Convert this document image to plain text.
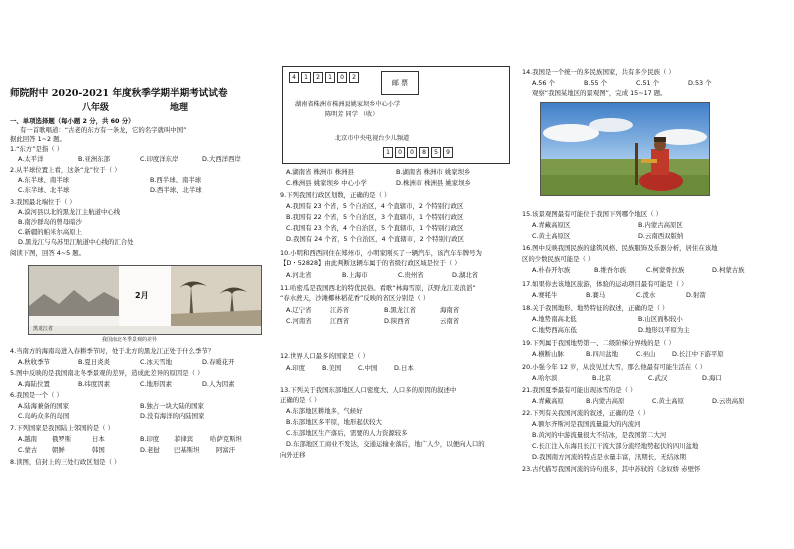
师院附中 2020-2021 年度秋季学期半期考试试卷
八年级	地理
一、单项选择题（每小题 2 分，共 60 分）
有一首歌唱道：“古老的东方有一条龙，它的名字就叫中国”
据此回答 1~2 题。
1.“东方”是指（ ）
A.太平洋	B.亚洲东部	C.印度洋东岸	D.大西洋西岸
2.从半球位置上看，这条“龙”位于（ ）
A.东半球、南半球	B.西半球、南半球
C.东半球、北半球	D.西半球、北半球
3.我国最北端位于（ ）
A.漠河县以北的黑龙江主航道中心线
B.南沙群岛的曾母暗沙
C.新疆的帕米尔高原上
D.黑龙江与乌苏里江航道中心线的汇合处
阅读下图，回答 4~5 题。
黑龙江省
2月
我国南北冬季景观的差异
4.当南方的海南岛进入春耕季节时，处于北方的黑龙江正处于什么季节？
A.秋收季节	B.夏日炎炎	C.冰天雪地	D.春暖花开
5.图中反映的是我国南北冬季景观的差异，造成此差异的原因是（ ）
A.海陆位置	B.纬度因素	C.地形因素	D.人为因素
6.我国是一个（ ）
A.陆海兼备的国家	B.独占一块大陆的国家
C.岛屿众多的岛国	D.没有海洋的内陆国家
7.下列国家是我国陆上邻国的是（ ）
A.越南 俄罗斯	日本	B.印度 菲律宾	哈萨克斯坦
C.蒙古 朝鲜	韩国	D.老挝 巴基斯坦	阿富汗
8.读图，信封上的三处行政区划是（ ）
4	1	2	1	0	2
邮 票
湖南省株洲市株洲县姚家坝乡中心小学
陈明芳 同学 （收）
北京市中央电视台少儿频道
1	0	0	8	5	9
A.湖南省 株洲市 株洲县	B.湖南省 株洲市 姚家坝乡
C.株洲县 姚家坝乡 中心小学	D.株洲市 株洲县 姚家坝乡
9.下列我国行政区划数，正确的是（ ）
A.我国有 23 个省，5 个自治区，4 个直辖市，2 个特别行政区
B.我国有 22 个省，5 个自治区，3 个直辖市，1 个特别行政区
C.我国有 23 个省，4 个自治区，5 个直辖市，1 个特别行政区
D.我国有 24 个省，5 个自治区，4 个直辖市，2 个特别行政区
10.小明和西西同住在郑州市，小明家刚买了一辆汽车，该汽车车牌号为
【D・52828】由此判断这辆车属于的省级行政区域是位于（ ）
A.河北省	B.上海市	C.贵州省	D.湖北省
11.哈密瓜是我国西北的特优民俗。看歌“林海雪原，沃野龙江麦浪滔”
“春水蔗天，沙滩椰林稻花香”反映的省区分别是（ ）
A.辽宁省	江苏省	B.黑龙江省	海南省
C.河南省	江西省	D.陕西省	云南省
12.世界人口最多的国家是（ ）
A.印度	B.美国	C.中国	D.日本
13.下列关于我国东部地区人口密度大、人口多的原因的叙述中
正确的是（ ）
A.东部地区耕地多，气候好
B.东部地区多平原，地形起伏较大
C.东部地区生产落后，需要的人力资源较多
D.东部地区工商业不发达，交通运输业落后，地广人少，以便向人口的
向外迁移
14.我国是一个统一的多民族国家，共有多少民族（ ）
A.56 个	B.55 个	C.51 个	D.53 个
观察“我国某地区的景观图”，完成 15~17 题。
15.该景观图最有可能位于我国下列哪个地区（ ）
A.青藏高原区	B.内蒙古高原区
C.黄土高原区	D.云南西双版纳
16.图中反映我国民族的建筑风格、民族服饰及乐器分析，居住在该地
区的少数民族可能是（ ）
A.朴春开尔族	B.维吾尔族	C.柯蒙骨拉族	D.柯蒙古族
17.如果你去该地区旅游，体验的运动项目最有可能是（ ）
A.赛牦牛	B.賽马	C.泼水	D.射箭
18.关于我国地形、地势特征的叙述，正确的是（ ）
A.地势南高北低	B.山区面积较小
C.地势西高东低	D.地形以平原为主
19.下列属于我国地势第一、二级阶梯分界线的是（ ）
A.横断山脉	B.四川盆地	C.巫山	D.长江中下游平原
20.小强今年 12 岁，从没见过大雪，那么他最有可能生活在（ ）
A.哈尔滨	B.北京	C.武汉	D.海口
21.我国夏季最有可能出现冰雪的是（ ）
A.青藏高原	B.内蒙古高原	C.黄土高原	D.云贵高原
22.下列有关我国河流的叙述，正确的是（ ）
A.额尔齐斯河是我国流量最大的内流河
B.黄河的中游流量很大不结冰，是我国第二大河
C.长江注入东海且长江干流大部分流经地势起伏的四川盆地
D.我国南方河流的特点是水量丰富，汛期长，无结冰期
23.古代描写我国河流的诗句很多，其中苏轼的《念奴娇 赤壁怀
